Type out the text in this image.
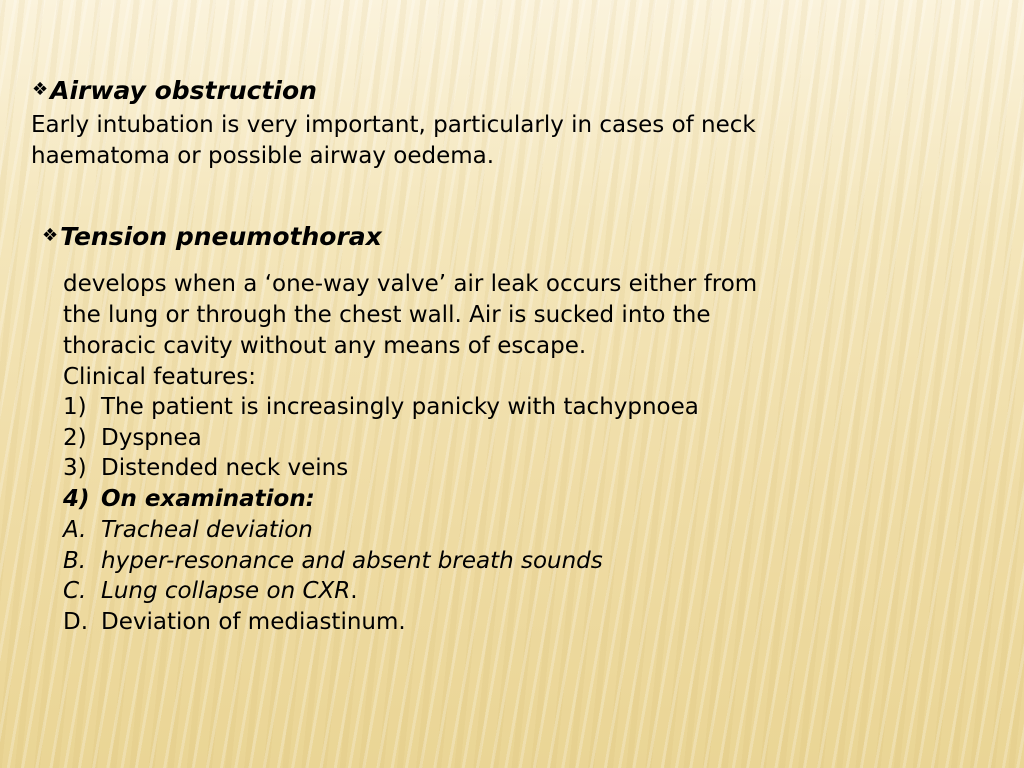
❖Airway obstruction

Early intubation is very important, particularly in cases of neck haematoma or possible airway oedema.

❖Tension pneumothorax

develops when a ‘one-way valve’ air leak occurs either from the lung or through the chest wall. Air is sucked into the thoracic cavity without any means of escape.
Clinical features:

1) The patient is increasingly panicky with tachypnoea
2) Dyspnea
3) Distended neck veins
4) On examination:
A. Tracheal deviation
B. hyper-resonance and absent breath sounds
C. Lung collapse on CXR .
D. Deviation of mediastinum.
